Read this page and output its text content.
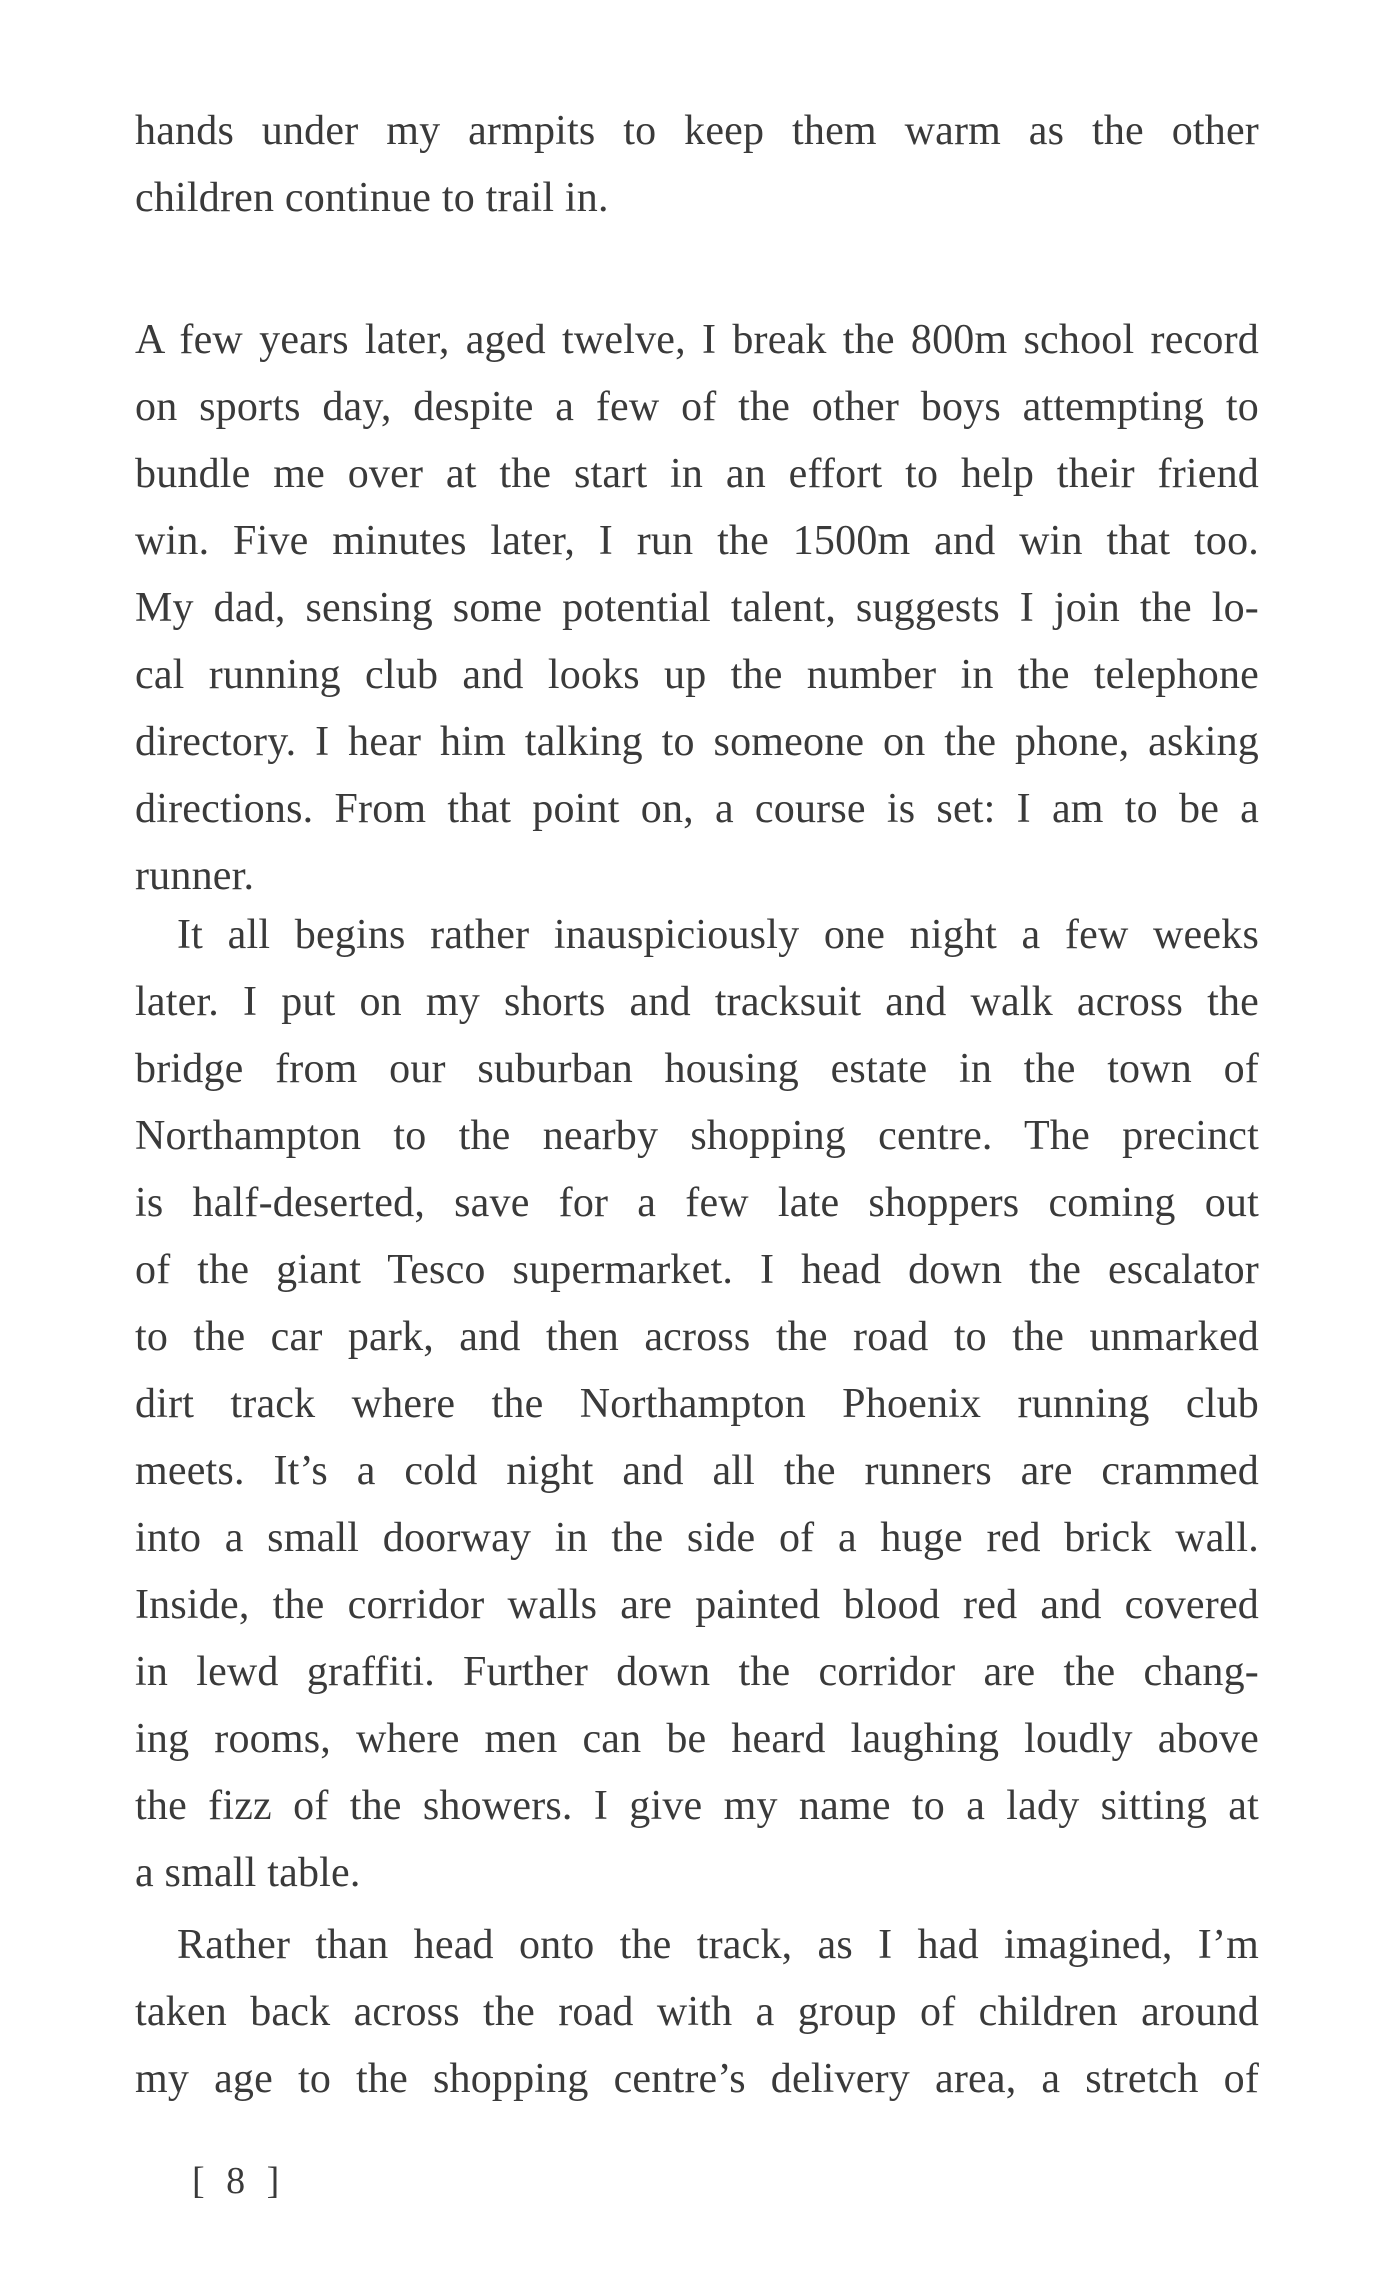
hands under my armpits to keep them warm as the other
children continue to trail in.
A few years later, aged twelve, I break the 800m school record
on sports day, despite a few of the other boys attempting to
bundle me over at the start in an effort to help their friend
win. Five minutes later, I run the 1500m and win that too.
My dad, sensing some potential talent, suggests I join the lo-
cal running club and looks up the number in the telephone
directory. I hear him talking to someone on the phone, asking
directions. From that point on, a course is set: I am to be a
runner.
It all begins rather inauspiciously one night a few weeks
later. I put on my shorts and tracksuit and walk across the
bridge from our suburban housing estate in the town of
Northampton to the nearby shopping centre. The precinct
is half-deserted, save for a few late shoppers coming out
of the giant Tesco supermarket. I head down the escalator
to the car park, and then across the road to the unmarked
dirt track where the Northampton Phoenix running club
meets. It’s a cold night and all the runners are crammed
into a small doorway in the side of a huge red brick wall.
Inside, the corridor walls are painted blood red and covered
in lewd graffiti. Further down the corridor are the chang-
ing rooms, where men can be heard laughing loudly above
the fizz of the showers. I give my name to a lady sitting at
a small table.
Rather than head onto the track, as I had imagined, I’m
taken back across the road with a group of children around
my age to the shopping centre’s delivery area, a stretch of
[ 8 ]
